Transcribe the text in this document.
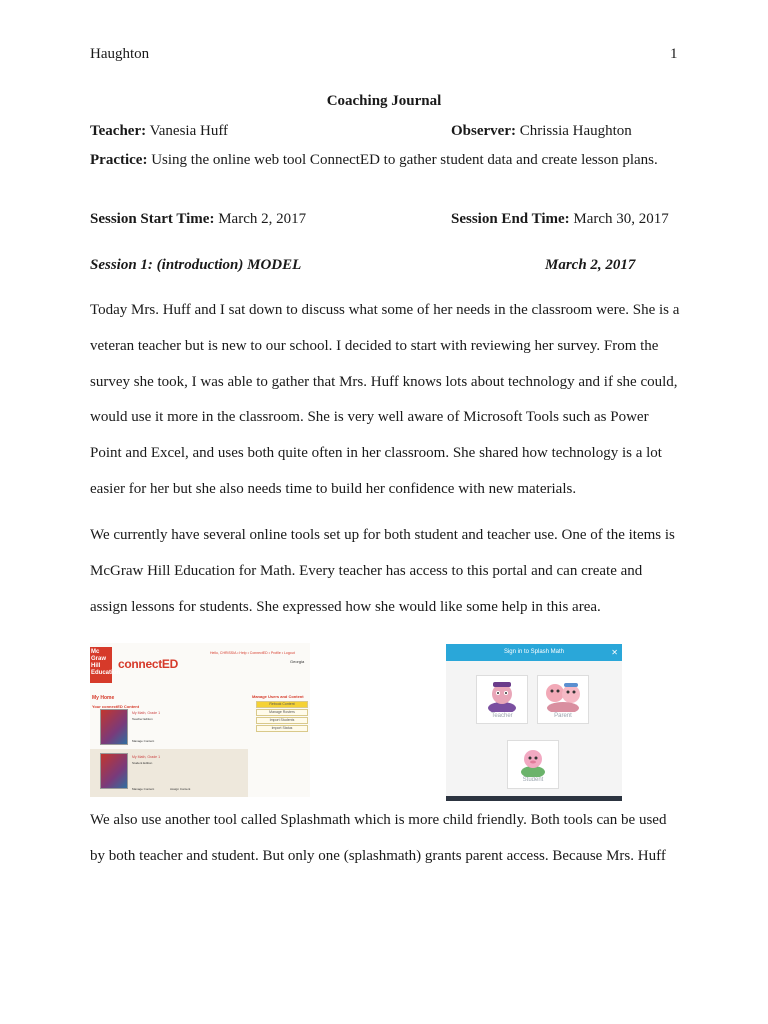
Haughton	1
Coaching Journal
Teacher: Vanesia Huff	Observer: Chrissia Haughton
Practice: Using the online web tool ConnectED to gather student data and create lesson plans.
Session Start Time: March 2, 2017	Session End Time: March 30, 2017
Session 1: (introduction) MODEL	March 2, 2017
Today Mrs. Huff and I sat down to discuss what some of her needs in the classroom were. She is a veteran teacher but is new to our school. I decided to start with reviewing her survey. From the survey she took, I was able to gather that Mrs. Huff knows lots about technology and if she could, would use it more in the classroom. She is very well aware of Microsoft Tools such as Power Point and Excel, and uses both quite often in her classroom. She shared how technology is a lot easier for her but she also needs time to build her confidence with new materials.
We currently have several online tools set up for both student and teacher use. One of the items is McGraw Hill Education for Math. Every teacher has access to this portal and can create and assign lessons for students. She expressed how she would like some help in this area.
Mc Graw Hill Education
connectED
Hello, CHRISSIA • Help • ConnectED • Profile • Logout
Georgia
My Home
Your connectED Content
Manage Users and Content
My Math, Grade 1
Teacher Edition
Manage Content
My Math, Grade 1
Student Edition
Manage Content	Assign Content
Rebook Content
Manage Rosters
Import Students
Import Status
Sign in to Splash Math	✕
Teacher	Parent
Student
We also use another tool called Splashmath which is more child friendly. Both tools can be used by both teacher and student. But only one (splashmath) grants parent access. Because Mrs. Huff
